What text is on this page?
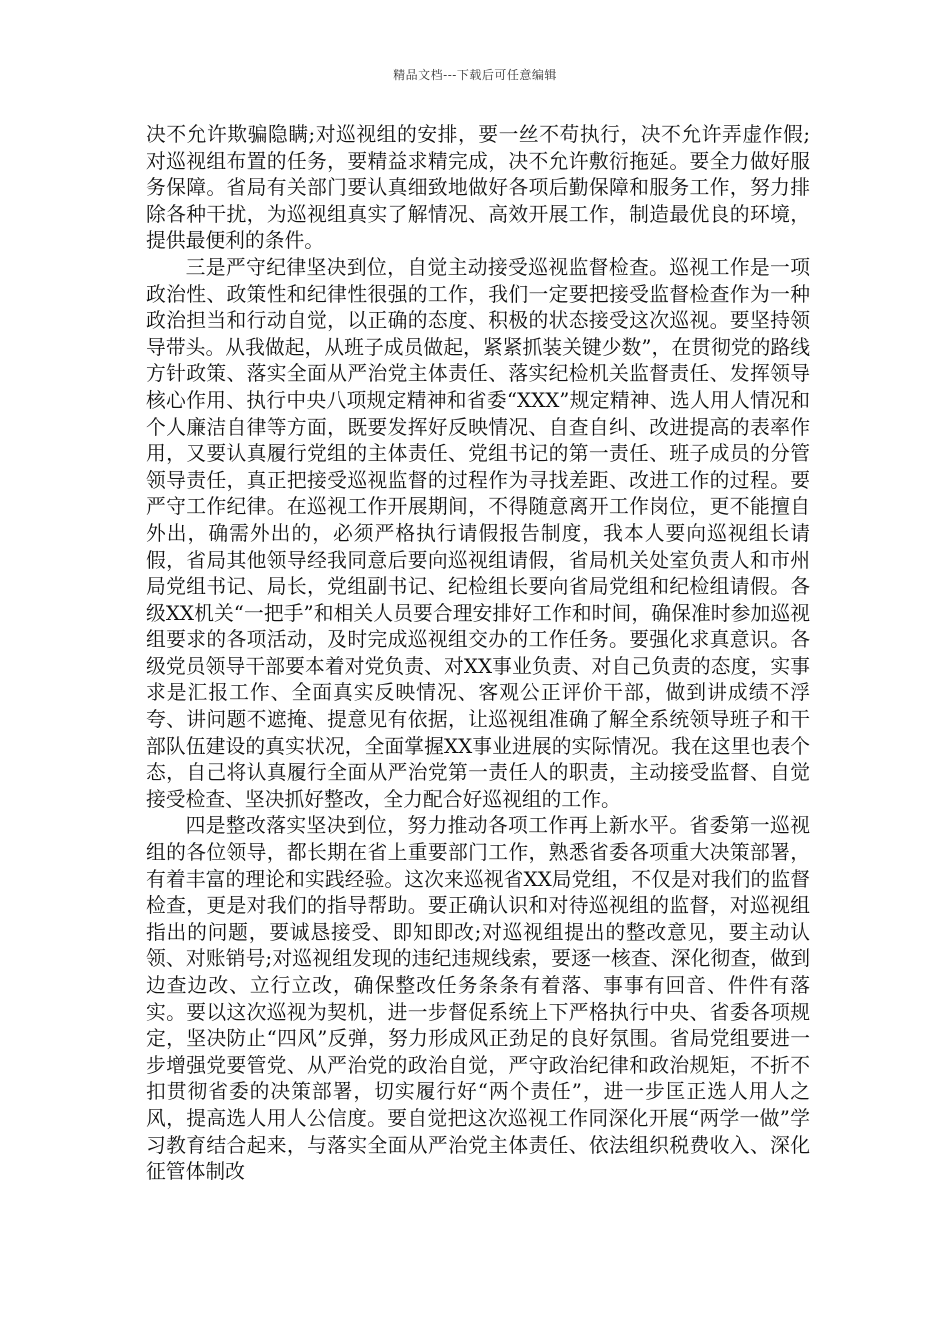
精品文档---下载后可任意编辑

决不允许欺骗隐瞒;对巡视组的安排，要一丝不苟执行，决不允许弄虚作假;对巡视组布置的任务，要精益求精完成，决不允许敷衍拖延。要全力做好服务保障。省局有关部门要认真细致地做好各项后勤保障和服务工作，努力排除各种干扰，为巡视组真实了解情况、高效开展工作，制造最优良的环境，提供最便利的条件。

三是严守纪律坚决到位，自觉主动接受巡视监督检查。巡视工作是一项政治性、政策性和纪律性很强的工作，我们一定要把接受监督检查作为一种政治担当和行动自觉，以正确的态度、积极的状态接受这次巡视。要坚持领导带头。从我做起，从班子成员做起，紧紧抓装关键少数”，在贯彻党的路线方针政策、落实全面从严治党主体责任、落实纪检机关监督责任、发挥领导核心作用、执行中央八项规定精神和省委“XXX”规定精神、选人用人情况和个人廉洁自律等方面，既要发挥好反映情况、自查自纠、改进提高的表率作用，又要认真履行党组的主体责任、党组书记的第一责任、班子成员的分管领导责任，真正把接受巡视监督的过程作为寻找差距、改进工作的过程。要严守工作纪律。在巡视工作开展期间，不得随意离开工作岗位，更不能擅自外出，确需外出的，必须严格执行请假报告制度，我本人要向巡视组长请假，省局其他领导经我同意后要向巡视组请假，省局机关处室负责人和市州局党组书记、局长，党组副书记、纪检组长要向省局党组和纪检组请假。各级XX机关“一把手”和相关人员要合理安排好工作和时间，确保准时参加巡视组要求的各项活动，及时完成巡视组交办的工作任务。要强化求真意识。各级党员领导干部要本着对党负责、对XX事业负责、对自己负责的态度，实事求是汇报工作、全面真实反映情况、客观公正评价干部，做到讲成绩不浮夸、讲问题不遮掩、提意见有依据，让巡视组准确了解全系统领导班子和干部队伍建设的真实状况，全面掌握XX事业进展的实际情况。我在这里也表个态，自己将认真履行全面从严治党第一责任人的职责，主动接受监督、自觉接受检查、坚决抓好整改，全力配合好巡视组的工作。

四是整改落实坚决到位，努力推动各项工作再上新水平。省委第一巡视组的各位领导，都长期在省上重要部门工作，熟悉省委各项重大决策部署，有着丰富的理论和实践经验。这次来巡视省XX局党组，不仅是对我们的监督检查，更是对我们的指导帮助。要正确认识和对待巡视组的监督，对巡视组指出的问题，要诚恳接受、即知即改;对巡视组提出的整改意见，要主动认领、对账销号;对巡视组发现的违纪违规线索，要逐一核查、深化彻查，做到边查边改、立行立改，确保整改任务条条有着落、事事有回音、件件有落实。要以这次巡视为契机，进一步督促系统上下严格执行中央、省委各项规定，坚决防止“四风”反弹，努力形成风正劲足的良好氛围。省局党组要进一步增强党要管党、从严治党的政治自觉，严守政治纪律和政治规矩，不折不扣贯彻省委的决策部署，切实履行好“两个责任”，进一步匡正选人用人之风，提高选人用人公信度。要自觉把这次巡视工作同深化开展“两学一做”学习教育结合起来，与落实全面从严治党主体责任、依法组织税费收入、深化征管体制改
